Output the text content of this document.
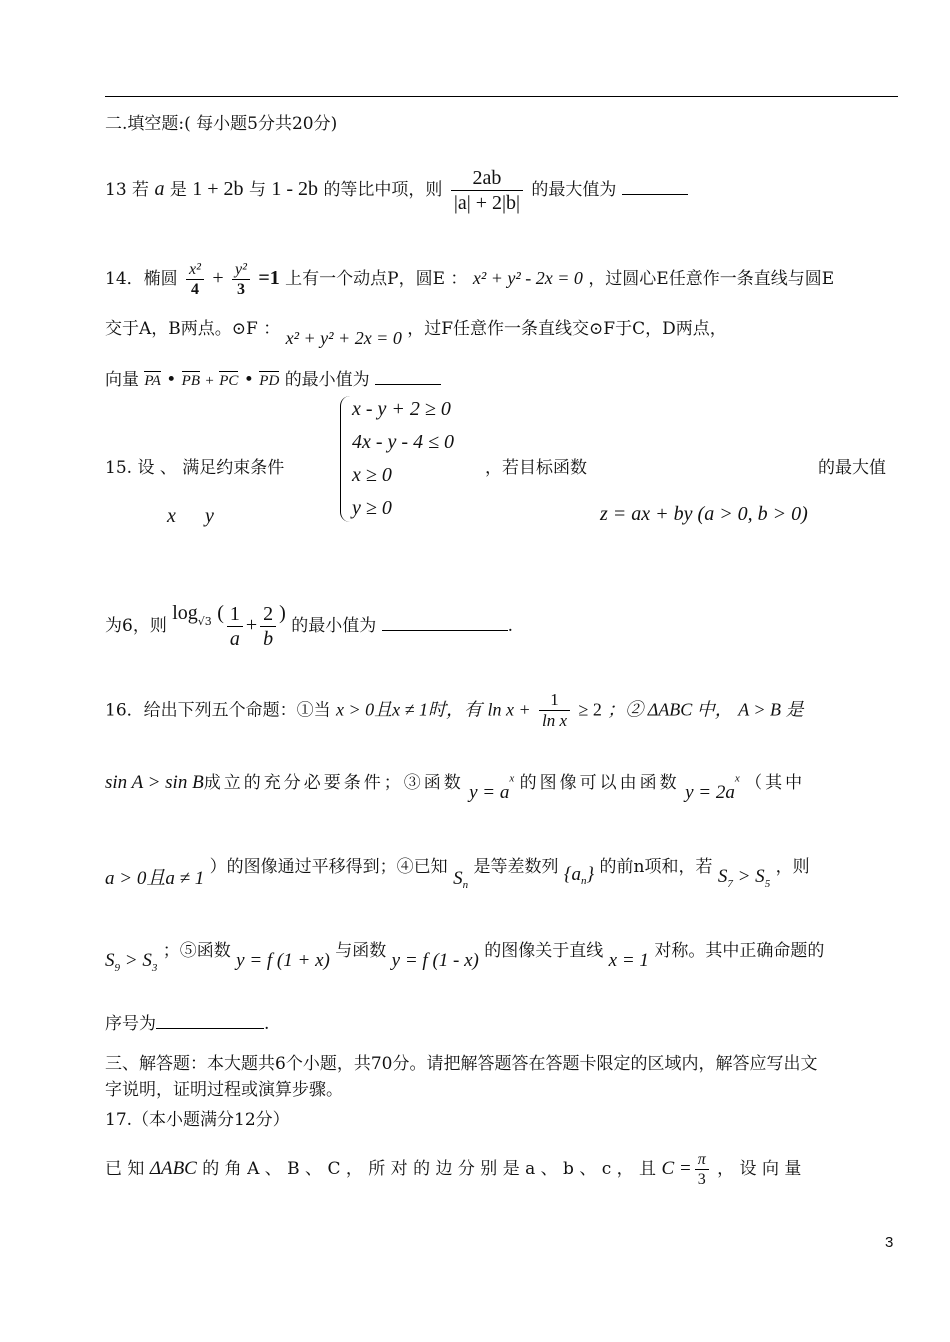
二.填空题:( 每小题5分共20分)
13 若 a 是 1 + 2b 与 1 - 2b 的等比中项，则 $\frac{2ab}{|a| + 2|b|}$ 的最大值为
14．椭圆 $\frac{\text{x²}}{4} + \frac{\text{y²}}{3} =1$ 上有一个动点P，圆E ： x² + y² - 2x = 0 ，过圆心E任意作一条直线与圆E
交于A，B两点。⊙F ： x² + y² + 2x = 0 ，过F任意作一条直线交⊙F于C，D两点，
向量 PA • PB + PC • PD 的最小值为
15. 设 、 满足约束条件
x - y + 2 ≥ 0
4x - y - 4 ≤ 0
x ≥ 0
y ≥ 0
，若目标函数	的最大值
x	y	z = ax + by (a > 0, b > 0)
为6，则 $\log_{√3}$ ( $\frac{1}{a} + \frac{2}{b}$ ) 的最小值为	.
16．给出下列五个命题：①当 x > 0且x ≠ 1时，有 $\ln x + \frac{1}{\text{ln x}} \ge 2$ ；② ΔABC 中， A > B 是
sin A > sin B成立的充分必要条件；③函数 $y = a^x$ 的图像可以由函数 $y = 2a^x$ （其中
a > 0且a ≠ 1 ）的图像通过平移得到；④已知 $S_n$ 是等差数列 $\{a_n\}$ 的前n项和，若 $S_7 > S_5$ ，则
$S_9 > S_3$ ；⑤函数 y = f (1 + x) 与函数 y = f (1 - x) 的图像关于直线 x = 1 对称。其中正确命题的
序号为	.
三、解答题：本大题共6个小题，共70分。请把解答题答在答题卡限定的区域内，解答应写出文
字说明，证明过程或演算步骤。
17.（本小题满分12分）
已 知 ΔABC 的 角 A 、 B 、 C ， 所 对 的 边 分 别 是 a 、 b 、 c ， 且 $C = \frac{\pi}{3}$ ， 设 向 量
3
